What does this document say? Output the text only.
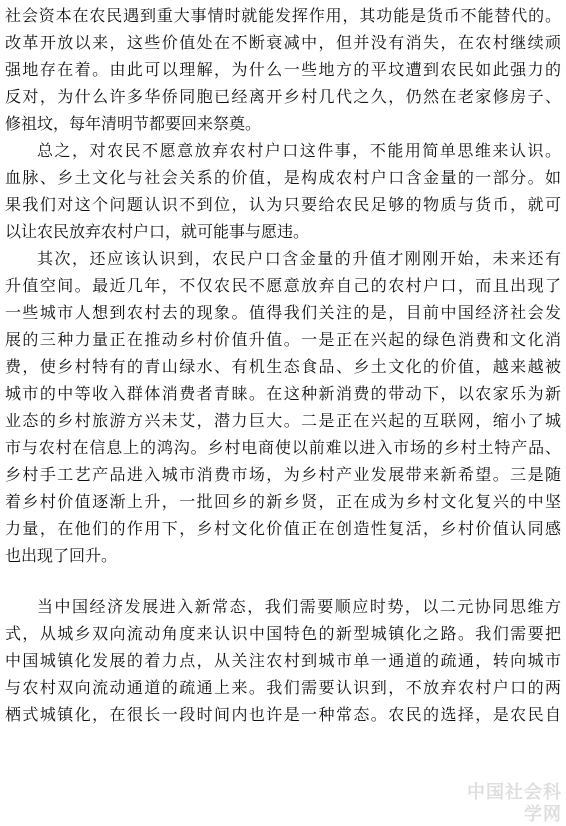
社会资本在农民遇到重大事情时就能发挥作用，其功能是货币不能替代的。
改革开放以来，这些价值处在不断衰减中，但并没有消失，在农村继续顽
强地存在着。由此可以理解，为什么一些地方的平坟遭到农民如此强力的
反对，为什么许多华侨同胞已经离开乡村几代之久，仍然在老家修房子、
修祖坟，每年清明节都要回来祭奠。
总之，对农民不愿意放弃农村户口这件事，不能用简单思维来认识。
血脉、乡土文化与社会关系的价值，是构成农村户口含金量的一部分。如
果我们对这个问题认识不到位，认为只要给农民足够的物质与货币，就可
以让农民放弃农村户口，就可能事与愿违。
其次，还应该认识到，农民户口含金量的升值才刚刚开始，未来还有
升值空间。最近几年，不仅农民不愿意放弃自己的农村户口，而且出现了
一些城市人想到农村去的现象。值得我们关注的是，目前中国经济社会发
展的三种力量正在推动乡村价值升值。一是正在兴起的绿色消费和文化消
费，使乡村特有的青山绿水、有机生态食品、乡土文化的价值，越来越被
城市的中等收入群体消费者青睐。在这种新消费的带动下，以农家乐为新
业态的乡村旅游方兴未艾，潜力巨大。二是正在兴起的互联网，缩小了城
市与农村在信息上的鸿沟。乡村电商使以前难以进入市场的乡村土特产品、
乡村手工艺产品进入城市消费市场，为乡村产业发展带来新希望。三是随
着乡村价值逐渐上升，一批回乡的新乡贤，正在成为乡村文化复兴的中坚
力量，在他们的作用下，乡村文化价值正在创造性复活，乡村价值认同感
也出现了回升。
当中国经济发展进入新常态，我们需要顺应时势，以二元协同思维方
式，从城乡双向流动角度来认识中国特色的新型城镇化之路。我们需要把
中国城镇化发展的着力点，从关注农村到城市单一通道的疏通，转向城市
与农村双向流动通道的疏通上来。我们需要认识到，不放弃农村户口的两
栖式城镇化，在很长一段时间内也许是一种常态。农民的选择，是农民自
中国社会科学网
